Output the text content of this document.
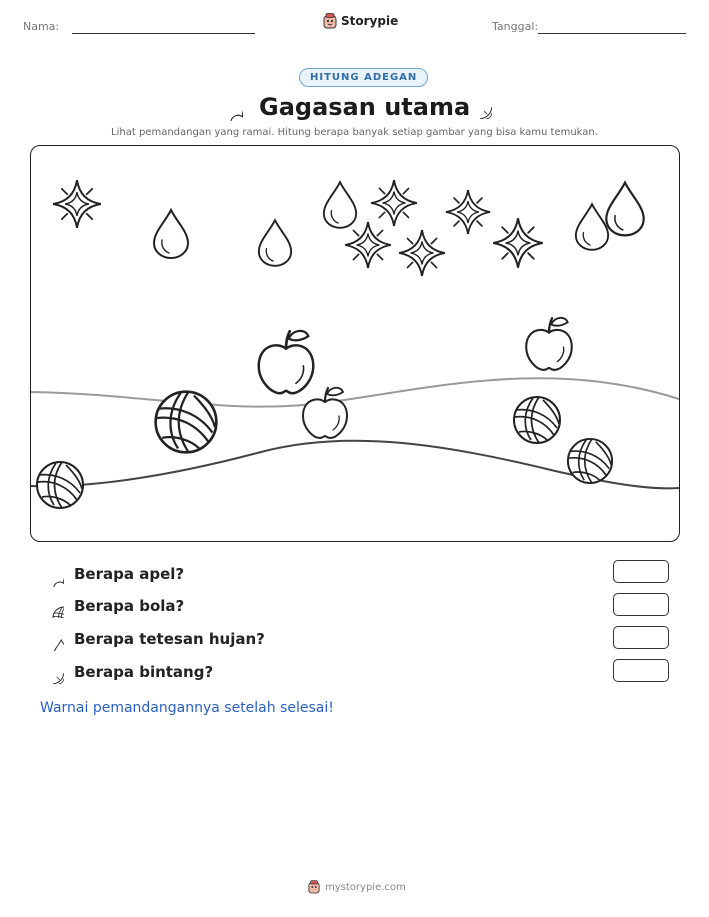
Nama:	Storypie	Tanggal:
HITUNG ADEGAN
Gagasan utama
Lihat pemandangan yang ramai. Hitung berapa banyak setiap gambar yang bisa kamu temukan.
Berapa apel?
Berapa bola?
Berapa tetesan hujan?
Berapa bintang?
Warnai pemandangannya setelah selesai!
mystorypie.com
